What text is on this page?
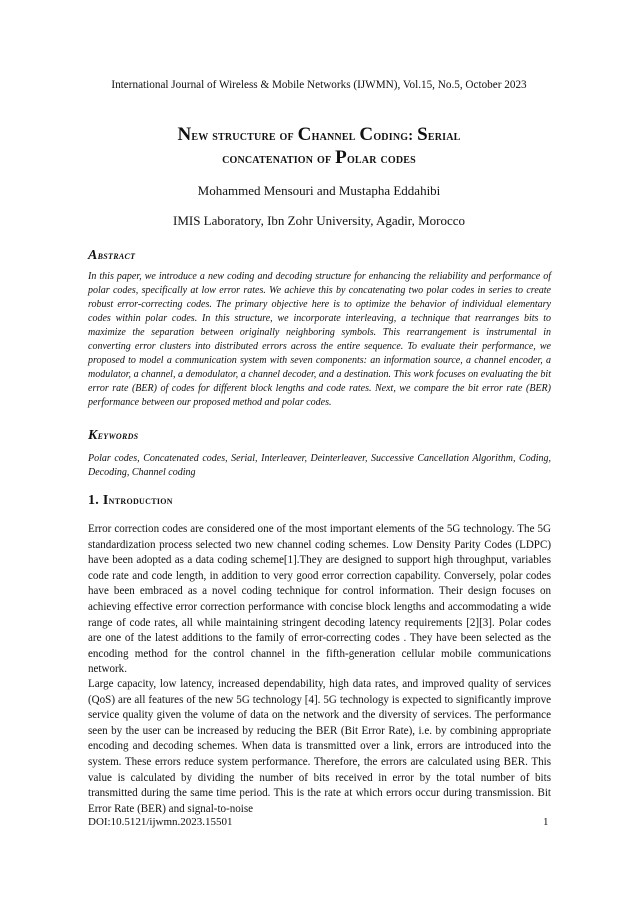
International Journal of Wireless & Mobile Networks (IJWMN), Vol.15, No.5, October 2023
New structure of Channel Coding: Serial
concatenation of Polar codes
Mohammed Mensouri and Mustapha Eddahibi
IMIS Laboratory, Ibn Zohr University, Agadir, Morocco
Abstract
In this paper, we introduce a new coding and decoding structure for enhancing the reliability and performance of polar codes, specifically at low error rates. We achieve this by concatenating two polar codes in series to create robust error-correcting codes. The primary objective here is to optimize the behavior of individual elementary codes within polar codes. In this structure, we incorporate interleaving, a technique that rearranges bits to maximize the separation between originally neighboring symbols. This rearrangement is instrumental in converting error clusters into distributed errors across the entire sequence. To evaluate their performance, we proposed to model a communication system with seven components: an information source, a channel encoder, a modulator, a channel, a demodulator, a channel decoder, and a destination. This work focuses on evaluating the bit error rate (BER) of codes for different block lengths and code rates. Next, we compare the bit error rate (BER) performance between our proposed method and polar codes.
Keywords
Polar codes, Concatenated codes, Serial, Interleaver, Deinterleaver, Successive Cancellation Algorithm, Coding, Decoding, Channel coding
1. Introduction
Error correction codes are considered one of the most important elements of the 5G technology. The 5G standardization process selected two new channel coding schemes. Low Density Parity Codes (LDPC) have been adopted as a data coding scheme[1].They are designed to support high throughput, variables code rate and code length, in addition to very good error correction capability. Conversely, polar codes have been embraced as a novel coding technique for control information. Their design focuses on achieving effective error correction performance with concise block lengths and accommodating a wide range of code rates, all while maintaining stringent decoding latency requirements [2][3]. Polar codes are one of the latest additions to the family of error-correcting codes . They have been selected as the encoding method for the control channel in the fifth-generation cellular mobile communications network.
Large capacity, low latency, increased dependability, high data rates, and improved quality of services (QoS) are all features of the new 5G technology [4]. 5G technology is expected to significantly improve service quality given the volume of data on the network and the diversity of services. The performance seen by the user can be increased by reducing the BER (Bit Error Rate), i.e. by combining appropriate encoding and decoding schemes. When data is transmitted over a link, errors are introduced into the system. These errors reduce system performance. Therefore, the errors are calculated using BER. This value is calculated by dividing the number of bits received in error by the total number of bits transmitted during the same time period. This is the rate at which errors occur during transmission. Bit Error Rate (BER) and signal-to-noise
DOI:10.5121/ijwmn.2023.15501	1
